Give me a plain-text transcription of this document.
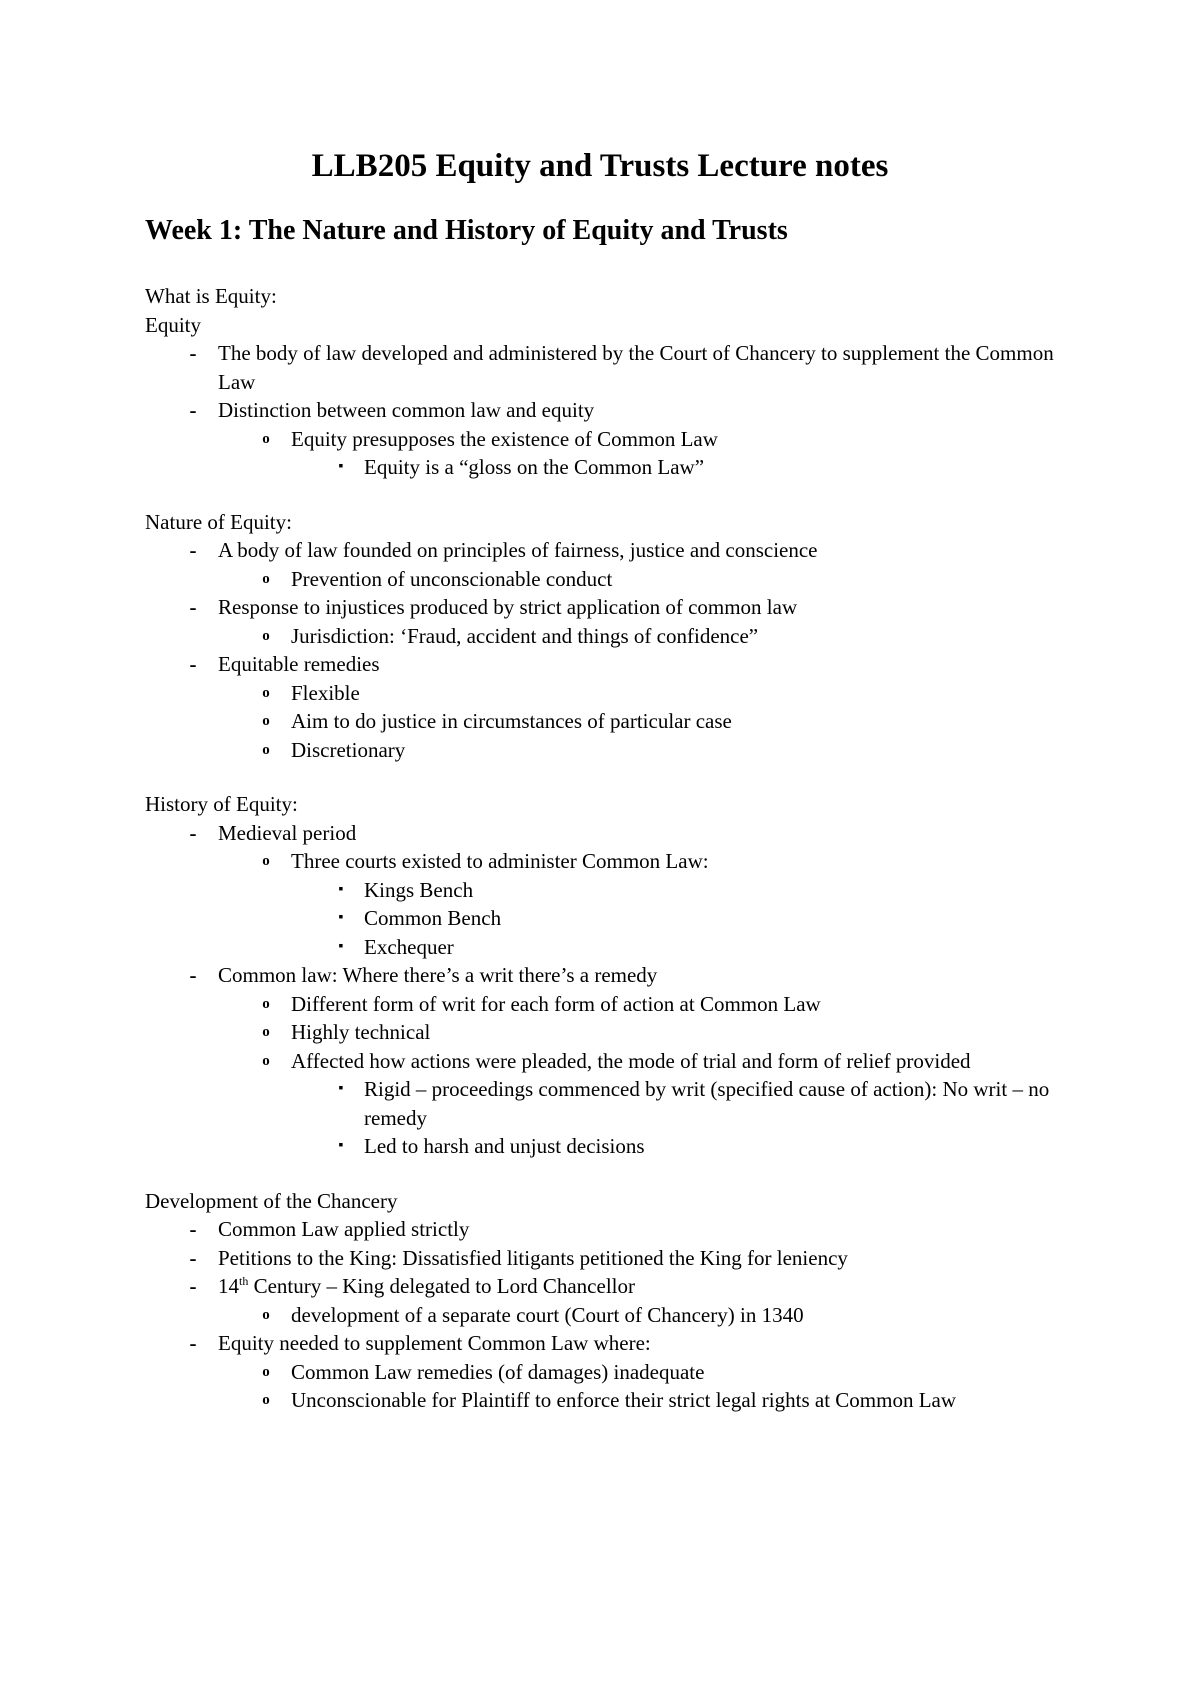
LLB205 Equity and Trusts Lecture notes
Week 1: The Nature and History of Equity and Trusts

What is Equity:

Equity

-	The body of law developed and administered by the Court of Chancery to supplement the Common Law
-	Distinction between common law and equity
o Equity presupposes the existence of Common Law
▪ Equity is a “gloss on the Common Law”

Nature of Equity:

-	A body of law founded on principles of fairness, justice and conscience
o Prevention of unconscionable conduct
-	Response to injustices produced by strict application of common law
o Jurisdiction: ‘Fraud, accident and things of confidence”
-	Equitable remedies
o Flexible
o Aim to do justice in circumstances of particular case
o Discretionary

History of Equity:

-	Medieval period
o Three courts existed to administer Common Law:
▪ Kings Bench
▪ Common Bench
▪ Exchequer
-	Common law: Where there’s a writ there’s a remedy
o Different form of writ for each form of action at Common Law
o Highly technical
o Affected how actions were pleaded, the mode of trial and form of relief provided
▪ Rigid – proceedings commenced by writ (specified cause of action): No writ – no remedy
▪ Led to harsh and unjust decisions

Development of the Chancery

-	Common Law applied strictly
-	Petitions to the King: Dissatisfied litigants petitioned the King for leniency
-	14th Century – King delegated to Lord Chancellor
o development of a separate court (Court of Chancery) in 1340
-	Equity needed to supplement Common Law where:
o Common Law remedies (of damages) inadequate
o Unconscionable for Plaintiff to enforce their strict legal rights at Common Law
